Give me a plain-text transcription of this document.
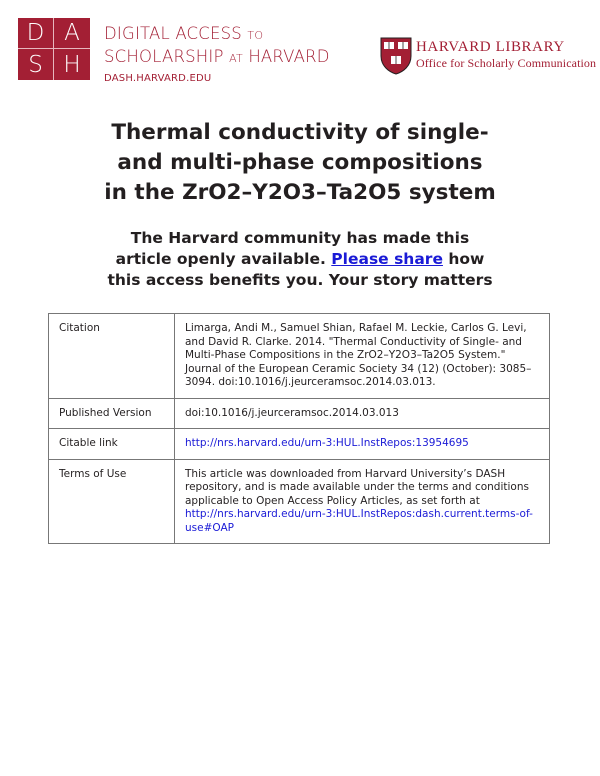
D A
S H
DIGITAL ACCESS TO
SCHOLARSHIP AT HARVARD
DASH.HARVARD.EDU
HARVARD LIBRARY
Office for Scholarly Communication
Thermal conductivity of single-
and multi-phase compositions
in the ZrO2–Y2O3–Ta2O5 system
The Harvard community has made this
article openly available. Please share how
this access benefits you. Your story matters
Citation	Limarga, Andi M., Samuel Shian, Rafael M. Leckie, Carlos G. Levi, and David R. Clarke. 2014. "Thermal Conductivity of Single- and Multi-Phase Compositions in the ZrO2–Y2O3–Ta2O5 System." Journal of the European Ceramic Society 34 (12) (October): 3085–3094. doi:10.1016/j.jeurceramsoc.2014.03.013.
Published Version	doi:10.1016/j.jeurceramsoc.2014.03.013
Citable link	http://nrs.harvard.edu/urn-3:HUL.InstRepos:13954695
Terms of Use	This article was downloaded from Harvard University’s DASH repository, and is made available under the terms and conditions applicable to Open Access Policy Articles, as set forth at http://nrs.harvard.edu/urn-3:HUL.InstRepos:dash.current.terms-of-use#OAP
